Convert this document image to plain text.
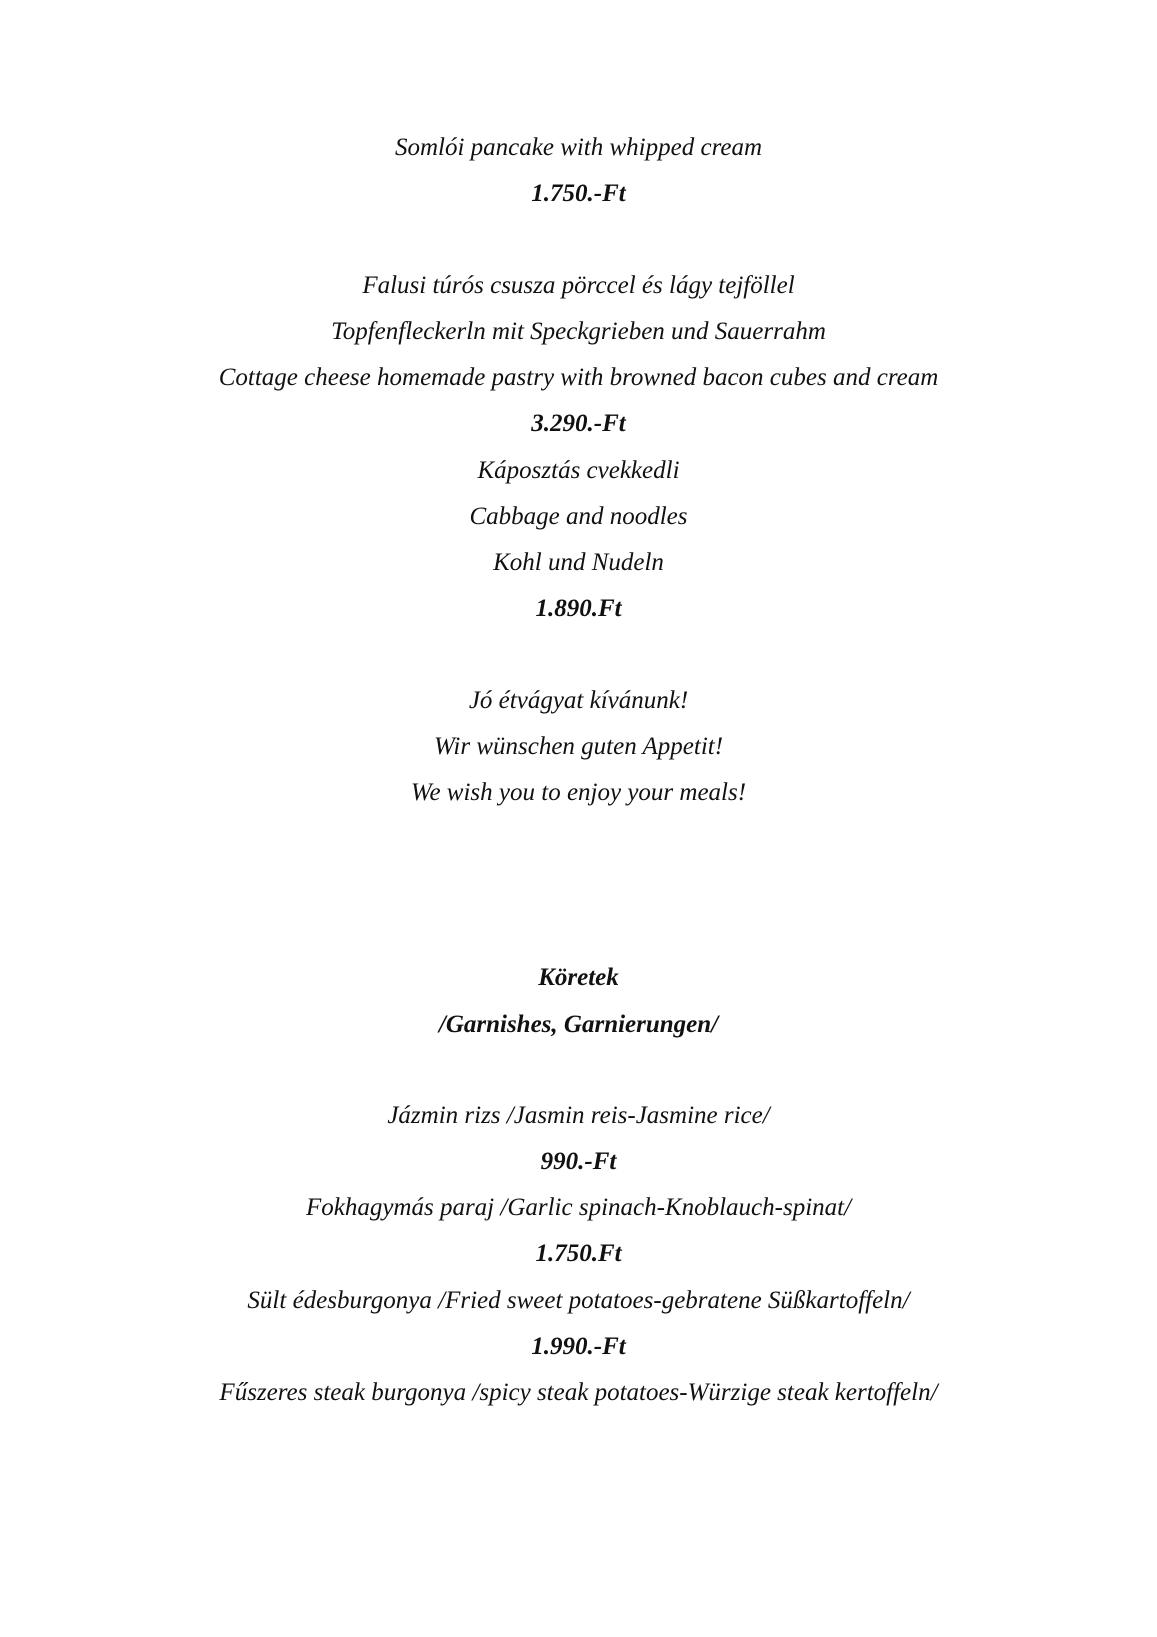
Somlói pancake with whipped cream
1.750.-Ft
Falusi túrós csusza pörccel és lágy tejföllel
Topfenfleckerln mit Speckgrieben und Sauerrahm
Cottage cheese homemade pastry with browned bacon cubes and cream
3.290.-Ft
Káposztás cvekkedli
Cabbage and noodles
Kohl und Nudeln
1.890.Ft
Jó étvágyat kívánunk!
Wir wünschen guten Appetit!
We wish you to enjoy your meals!
Köretek
/Garnishes, Garnierungen/
Jázmin rizs /Jasmin reis-Jasmine rice/
990.-Ft
Fokhagymás paraj /Garlic spinach-Knoblauch-spinat/
1.750.Ft
Sült édesburgonya /Fried sweet potatoes-gebratene Süßkartoffeln/
1.990.-Ft
Fűszeres steak burgonya /spicy steak potatoes-Würzige steak kertoffeln/
